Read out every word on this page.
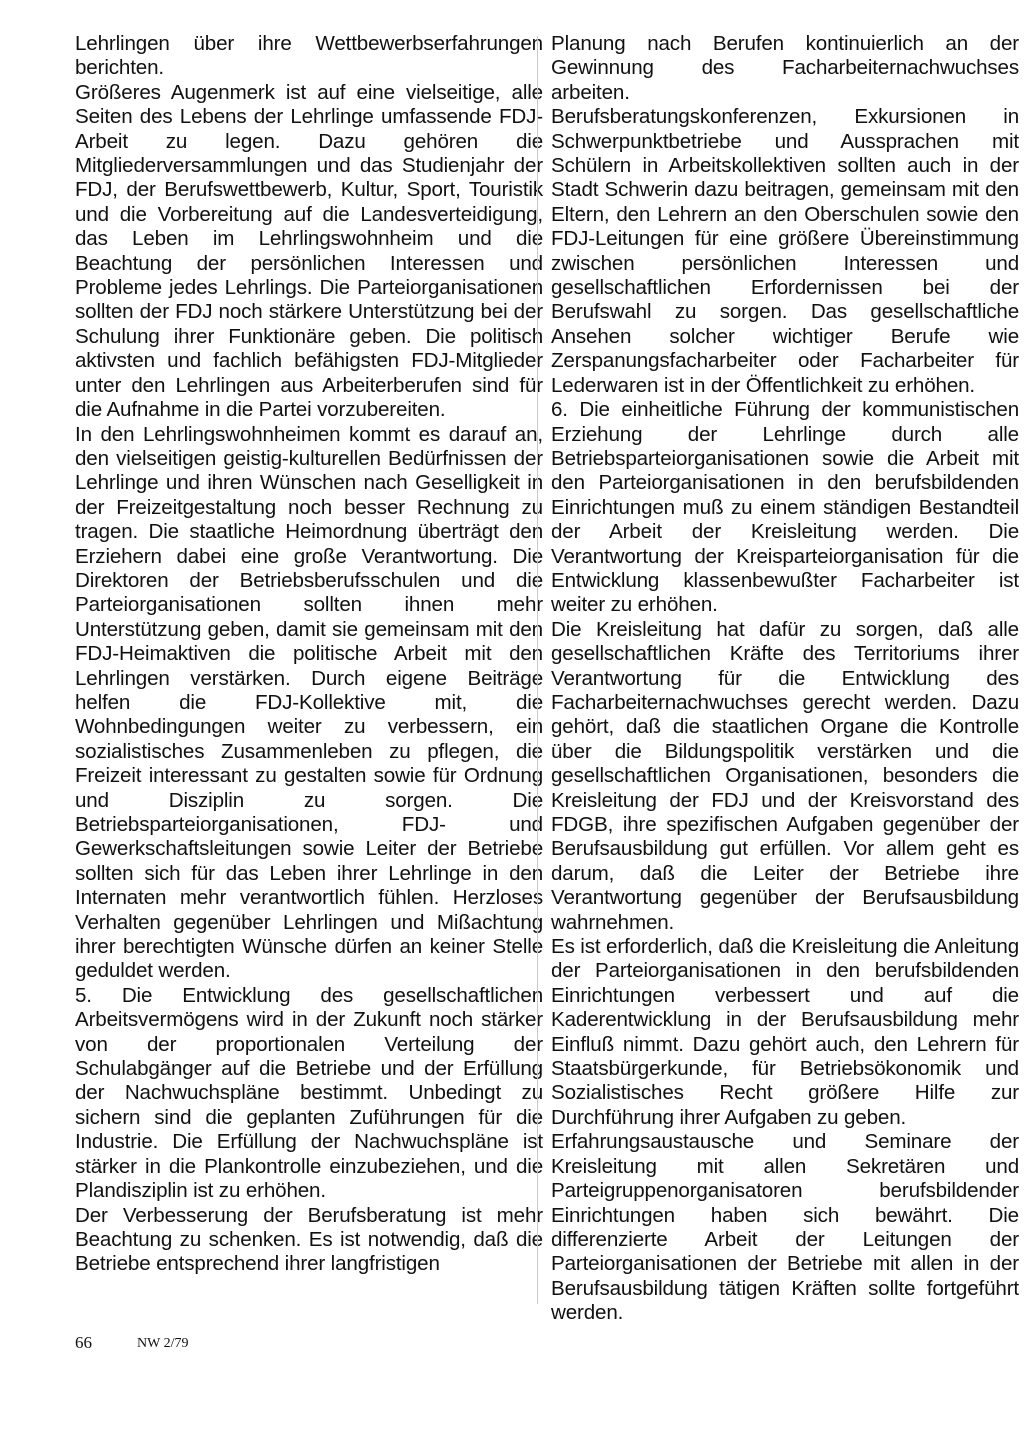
Lehrlingen über ihre Wettbewerbserfahrungen berichten.

Größeres Augenmerk ist auf eine vielseitige, alle Seiten des Lebens der Lehrlinge umfassende FDJ-Arbeit zu legen. Dazu gehören die Mitgliederversammlungen und das Studienjahr der FDJ, der Berufswettbewerb, Kultur, Sport, Touristik und die Vorbereitung auf die Landesverteidigung, das Leben im Lehrlingswohnheim und die Beachtung der persönlichen Interessen und Probleme jedes Lehrlings. Die Parteiorganisationen sollten der FDJ noch stärkere Unterstützung bei der Schulung ihrer Funktionäre geben. Die politisch aktivsten und fachlich befähigsten FDJ-Mitglieder unter den Lehrlingen aus Arbeiterberufen sind für die Aufnahme in die Partei vorzubereiten.

In den Lehrlingswohnheimen kommt es darauf an, den vielseitigen geistig-kulturellen Bedürfnissen der Lehrlinge und ihren Wünschen nach Geselligkeit in der Freizeitgestaltung noch besser Rechnung zu tragen. Die staatliche Heimordnung überträgt den Erziehern dabei eine große Verantwortung. Die Direktoren der Betriebsberufsschulen und die Parteiorganisationen sollten ihnen mehr Unterstützung geben, damit sie gemeinsam mit den FDJ-Heimaktiven die politische Arbeit mit den Lehrlingen verstärken. Durch eigene Beiträge helfen die FDJ-Kollektive mit, die Wohnbedingungen weiter zu verbessern, ein sozialistisches Zusammenleben zu pflegen, die Freizeit interessant zu gestalten sowie für Ordnung und Disziplin zu sorgen. Die Betriebsparteiorganisationen, FDJ- und Gewerkschaftsleitungen sowie Leiter der Betriebe sollten sich für das Leben ihrer Lehrlinge in den Internaten mehr verantwortlich fühlen. Herzloses Verhalten gegenüber Lehrlingen und Mißachtung ihrer berechtigten Wünsche dürfen an keiner Stelle geduldet werden.

5. Die Entwicklung des gesellschaftlichen Arbeitsvermögens wird in der Zukunft noch stärker von der proportionalen Verteilung der Schulabgänger auf die Betriebe und der Erfüllung der Nachwuchspläne bestimmt. Unbedingt zu sichern sind die geplanten Zuführungen für die Industrie. Die Erfüllung der Nachwuchspläne ist stärker in die Plankontrolle einzubeziehen, und die Plandisziplin ist zu erhöhen.

Der Verbesserung der Berufsberatung ist mehr Beachtung zu schenken. Es ist notwendig, daß die Betriebe entsprechend ihrer langfristigen

Planung nach Berufen kontinuierlich an der Gewinnung des Facharbeiternachwuchses arbeiten.

Berufsberatungskonferenzen, Exkursionen in Schwerpunktbetriebe und Aussprachen mit Schülern in Arbeitskollektiven sollten auch in der Stadt Schwerin dazu beitragen, gemeinsam mit den Eltern, den Lehrern an den Oberschulen sowie den FDJ-Leitungen für eine größere Übereinstimmung zwischen persönlichen Interessen und gesellschaftlichen Erfordernissen bei der Berufswahl zu sorgen. Das gesellschaftliche Ansehen solcher wichtiger Berufe wie Zerspanungsfacharbeiter oder Facharbeiter für Lederwaren ist in der Öffentlichkeit zu erhöhen.

6. Die einheitliche Führung der kommunistischen Erziehung der Lehrlinge durch alle Betriebsparteiorganisationen sowie die Arbeit mit den Parteiorganisationen in den berufsbildenden Einrichtungen muß zu einem ständigen Bestandteil der Arbeit der Kreisleitung werden. Die Verantwortung der Kreisparteiorganisation für die Entwicklung klassenbewußter Facharbeiter ist weiter zu erhöhen.

Die Kreisleitung hat dafür zu sorgen, daß alle gesellschaftlichen Kräfte des Territoriums ihrer Verantwortung für die Entwicklung des Facharbeiternachwuchses gerecht werden. Dazu gehört, daß die staatlichen Organe die Kontrolle über die Bildungspolitik verstärken und die gesellschaftlichen Organisationen, besonders die Kreisleitung der FDJ und der Kreisvorstand des FDGB, ihre spezifischen Aufgaben gegenüber der Berufsausbildung gut erfüllen. Vor allem geht es darum, daß die Leiter der Betriebe ihre Verantwortung gegenüber der Berufsausbildung wahrnehmen.

Es ist erforderlich, daß die Kreisleitung die Anleitung der Parteiorganisationen in den berufsbildenden Einrichtungen verbessert und auf die Kaderentwicklung in der Berufsausbildung mehr Einfluß nimmt. Dazu gehört auch, den Lehrern für Staatsbürgerkunde, für Betriebsökonomik und Sozialistisches Recht größere Hilfe zur Durchführung ihrer Aufgaben zu geben.

Erfahrungsaustausche und Seminare der Kreisleitung mit allen Sekretären und Parteigruppenorganisatoren berufsbildender Einrichtungen haben sich bewährt. Die differenzierte Arbeit der Leitungen der Parteiorganisationen der Betriebe mit allen in der Berufsausbildung tätigen Kräften sollte fortgeführt werden.

66	NW 2/79
